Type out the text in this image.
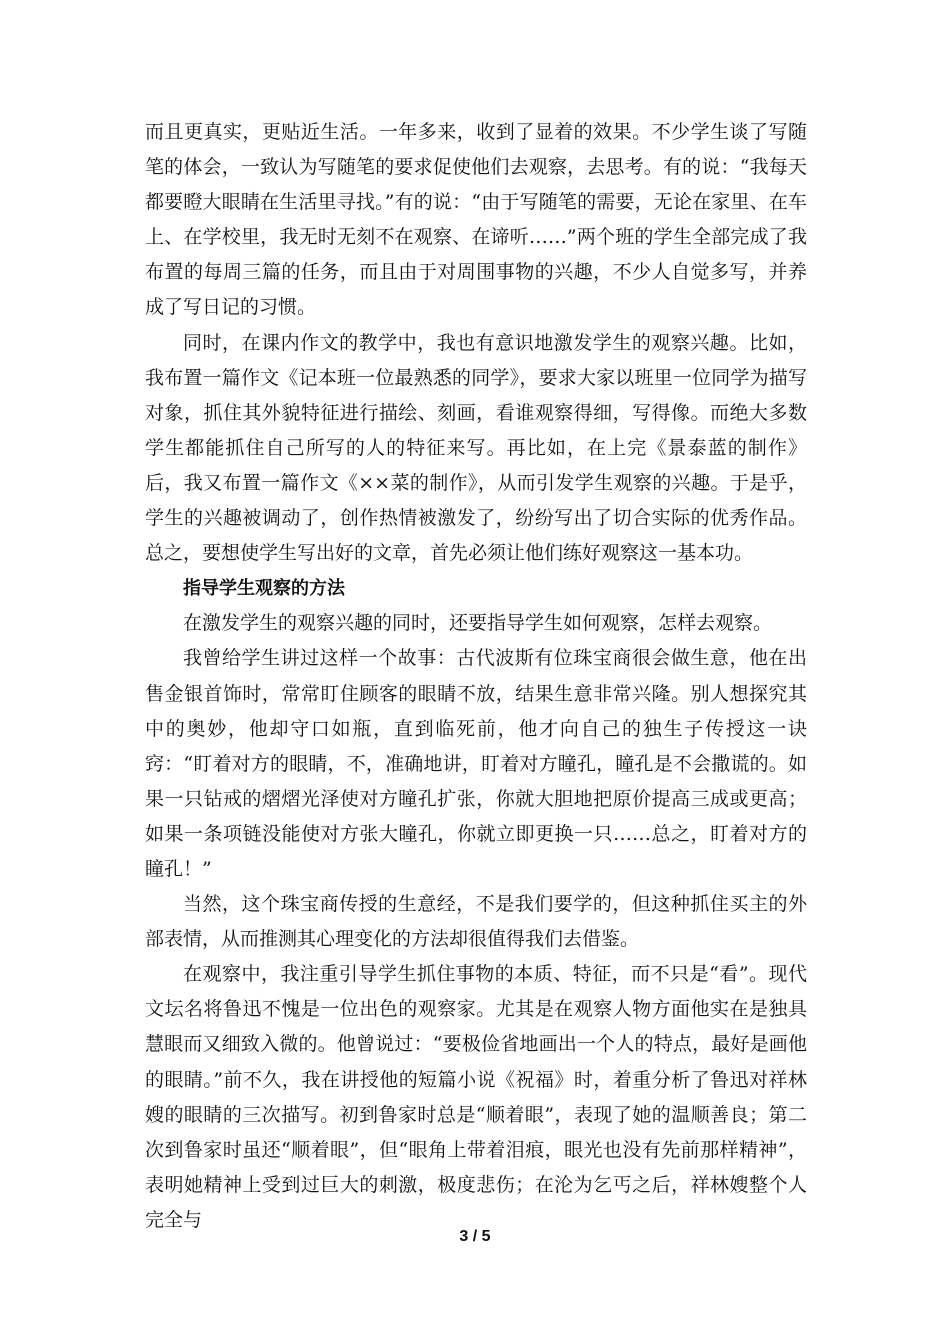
而且更真实，更贴近生活。一年多来，收到了显着的效果。不少学生谈了写随笔的体会，一致认为写随笔的要求促使他们去观察，去思考。有的说：“我每天都要瞪大眼睛在生活里寻找。”有的说：“由于写随笔的需要，无论在家里、在车上、在学校里，我无时无刻不在观察、在谛听……”两个班的学生全部完成了我布置的每周三篇的任务，而且由于对周围事物的兴趣，不少人自觉多写，并养成了写日记的习惯。

同时，在课内作文的教学中，我也有意识地激发学生的观察兴趣。比如，我布置一篇作文《记本班一位最熟悉的同学》，要求大家以班里一位同学为描写对象，抓住其外貌特征进行描绘、刻画，看谁观察得细，写得像。而绝大多数学生都能抓住自己所写的人的特征来写。再比如，在上完《景泰蓝的制作》后，我又布置一篇作文《××菜的制作》，从而引发学生观察的兴趣。于是乎，学生的兴趣被调动了，创作热情被激发了，纷纷写出了切合实际的优秀作品。总之，要想使学生写出好的文章，首先必须让他们练好观察这一基本功。

指导学生观察的方法

在激发学生的观察兴趣的同时，还要指导学生如何观察，怎样去观察。

我曾给学生讲过这样一个故事：古代波斯有位珠宝商很会做生意，他在出售金银首饰时，常常盯住顾客的眼睛不放，结果生意非常兴隆。别人想探究其中的奥妙，他却守口如瓶，直到临死前，他才向自己的独生子传授这一诀窍：“盯着对方的眼睛，不，准确地讲，盯着对方瞳孔，瞳孔是不会撒谎的。如果一只钻戒的熠熠光泽使对方瞳孔扩张，你就大胆地把原价提高三成或更高；如果一条项链没能使对方张大瞳孔，你就立即更换一只……总之，盯着对方的瞳孔！”

当然，这个珠宝商传授的生意经，不是我们要学的，但这种抓住买主的外部表情，从而推测其心理变化的方法却很值得我们去借鉴。

在观察中，我注重引导学生抓住事物的本质、特征，而不只是“看”。现代文坛名将鲁迅不愧是一位出色的观察家。尤其是在观察人物方面他实在是独具慧眼而又细致入微的。他曾说过：“要极俭省地画出一个人的特点，最好是画他的眼睛。”前不久，我在讲授他的短篇小说《祝福》时，着重分析了鲁迅对祥林嫂的眼睛的三次描写。初到鲁家时总是“顺着眼”，表现了她的温顺善良；第二次到鲁家时虽还“顺着眼”，但“眼角上带着泪痕，眼光也没有先前那样精神”，表明她精神上受到过巨大的刺激，极度悲伤；在沦为乞丐之后，祥林嫂整个人完全与

3 / 5
